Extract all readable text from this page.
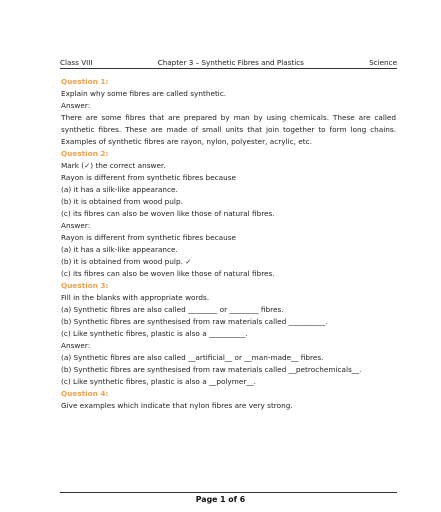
Class VIII	Chapter 3 – Synthetic Fibres and Plastics	Science
Question 1:
Explain why some fibres are called synthetic.
Answer:
There are some fibres that are prepared by man by using chemicals. These are called synthetic fibres. These are made of small units that join together to form long chains. Examples of synthetic fibres are rayon, nylon, polyester, acrylic, etc.
Question 2:
Mark (✓) the correct answer.
Rayon is different from synthetic fibres because
(a) it has a silk-like appearance.
(b) it is obtained from wood pulp.
(c) its fibres can also be woven like those of natural fibres.
Answer:
Rayon is different from synthetic fibres because
(a) it has a silk-like appearance.
(b) it is obtained from wood pulp. ✓
(c) its fibres can also be woven like those of natural fibres.
Question 3:
Fill in the blanks with appropriate words.
(a) Synthetic fibres are also called ________ or ________ fibres.
(b) Synthetic fibres are synthesised from raw materials called __________.
(c) Like synthetic fibres, plastic is also a __________.
Answer:
(a) Synthetic fibres are also called __artificial__ or __man-made__ fibres.
(b) Synthetic fibres are synthesised from raw materials called __petrochemicals__.
(c) Like synthetic fibres, plastic is also a __polymer__.
Question 4:
Give examples which indicate that nylon fibres are very strong.
Page 1 of 6
